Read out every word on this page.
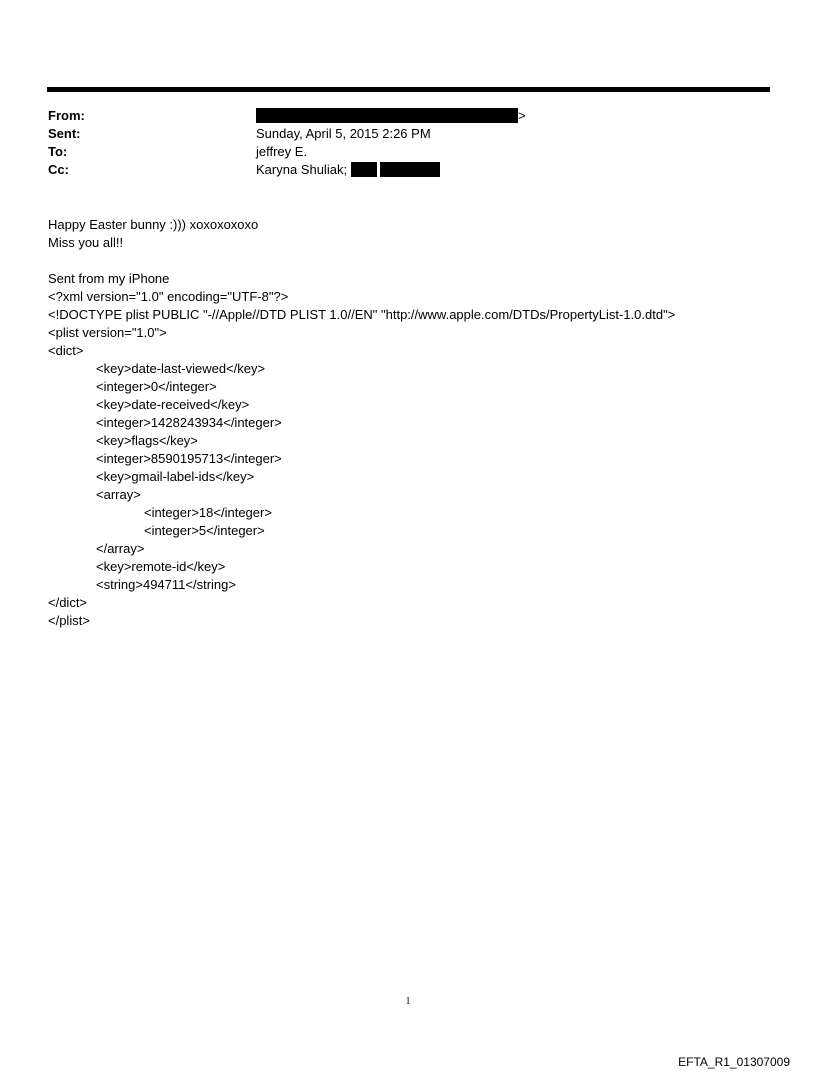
From:	>
Sent:	Sunday, April 5, 2015 2:26 PM
To:	jeffrey E.
Cc:	Karyna Shuliak;
Happy Easter bunny :))) xoxoxoxoxo
Miss you all!!
Sent from my iPhone
<?xml version="1.0" encoding="UTF-8"?>
<!DOCTYPE plist PUBLIC "-//Apple//DTD PLIST 1.0//EN" "http://www.apple.com/DTDs/PropertyList-1.0.dtd">
<plist version="1.0">
<dict>
<key>date-last-viewed</key>
<integer>0</integer>
<key>date-received</key>
<integer>1428243934</integer>
<key>flags</key>
<integer>8590195713</integer>
<key>gmail-label-ids</key>
<array>
<integer>18</integer>
<integer>5</integer>
</array>
<key>remote-id</key>
<string>494711</string>
</dict>
</plist>
1
EFTA_R1_01307009
